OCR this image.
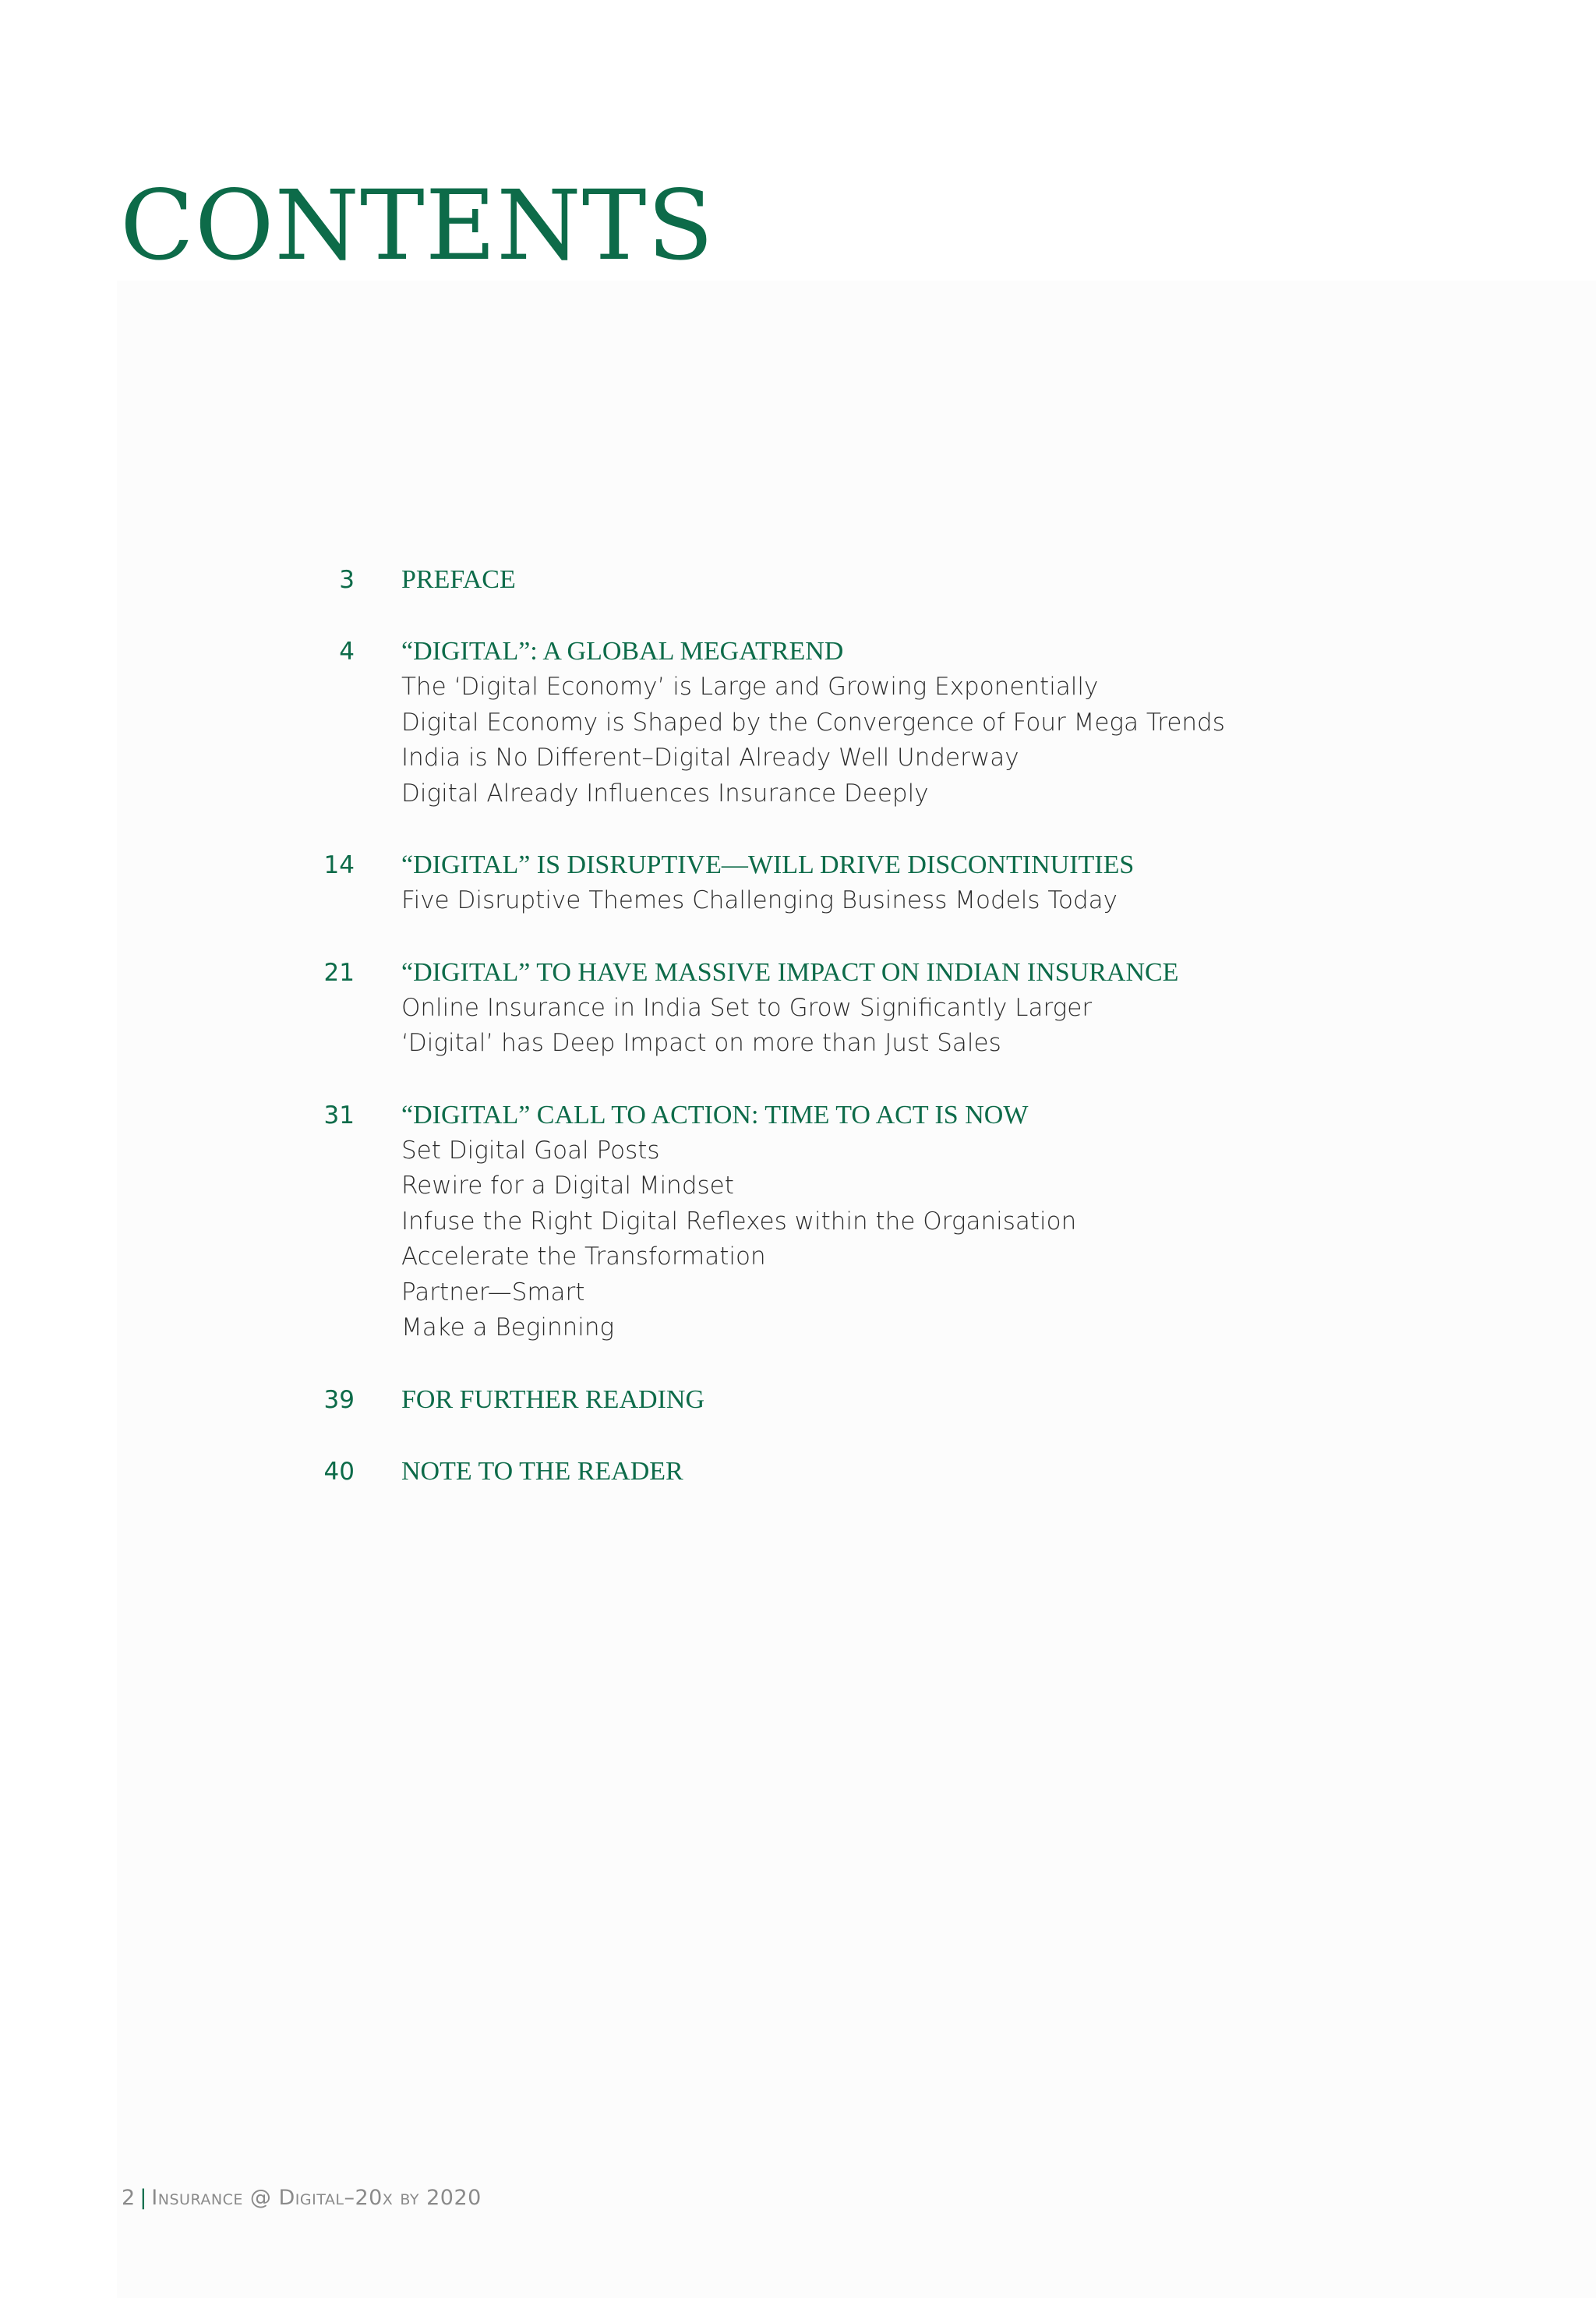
CONTENTS
3 PREFACE
4 “DIGITAL”: A GLOBAL MEGATREND
The ‘Digital Economy’ is Large and Growing Exponentially
Digital Economy is Shaped by the Convergence of Four Mega Trends
India is No Different–Digital Already Well Underway
Digital Already Influences Insurance Deeply
14 “DIGITAL” IS DISRUPTIVE—WILL DRIVE DISCONTINUITIES
Five Disruptive Themes Challenging Business Models Today
21 “DIGITAL” TO HAVE MASSIVE IMPACT ON INDIAN INSURANCE
Online Insurance in India Set to Grow Significantly Larger
‘Digital’ has Deep Impact on more than Just Sales
31 “DIGITAL” CALL TO ACTION: TIME TO ACT IS NOW
Set Digital Goal Posts
Rewire for a Digital Mindset
Infuse the Right Digital Reflexes within the Organisation
Accelerate the Transformation
Partner—Smart
Make a Beginning
39 FOR FURTHER READING
40 NOTE TO THE READER
2 | Insurance @ Digital–20x by 2020
